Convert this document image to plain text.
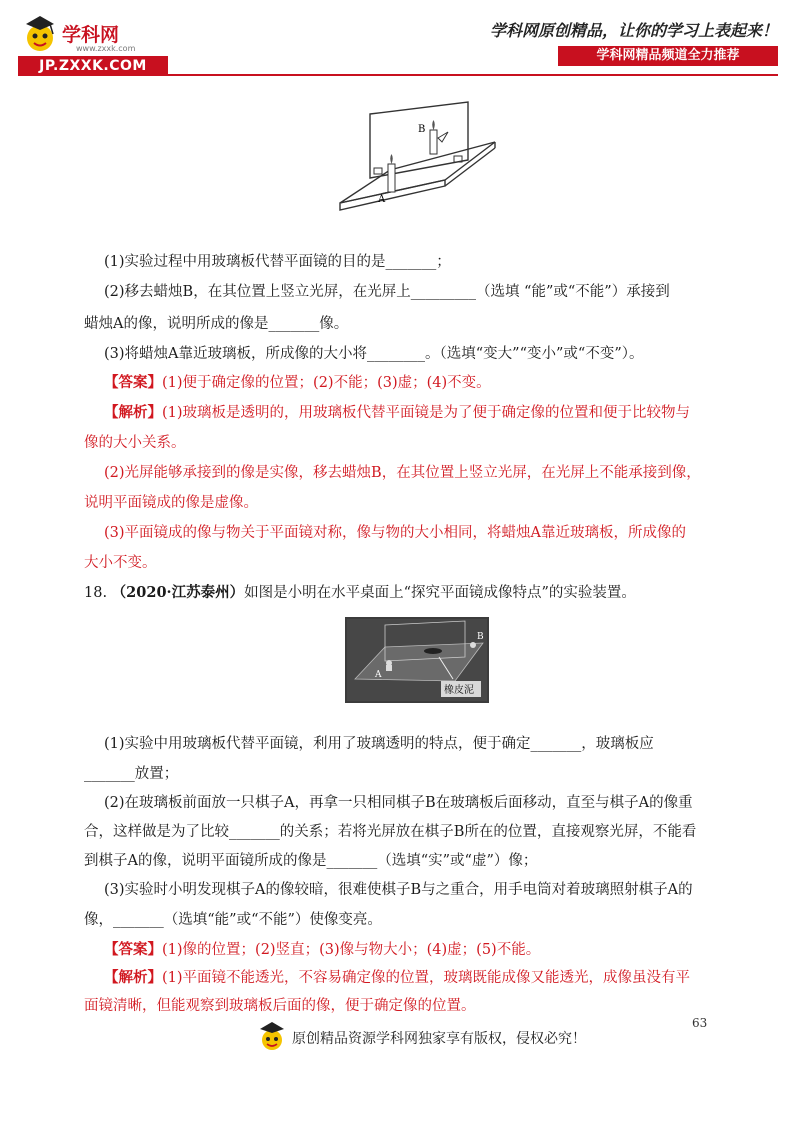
学科网
www.zxxk.com
JP.ZXXK.COM
学科网原创精品，让你的学习上表起来！
学科网精品频道全力推荐
A
B
(1)实验过程中用玻璃板代替平面镜的目的是_______；
(2)移去蜡烛B，在其位置上竖立光屏，在光屏上_________（选填 “能”或“不能”）承接到
蜡烛A的像，说明所成的像是_______像。
(3)将蜡烛A靠近玻璃板，所成像的大小将________。（选填“变大”“变小”或“不变”）。
【答案】(1)便于确定像的位置；(2)不能；(3)虚；(4)不变。
【解析】(1)玻璃板是透明的，用玻璃板代替平面镜是为了便于确定像的位置和便于比较物与
像的大小关系。
(2)光屏能够承接到的像是实像，移去蜡烛B，在其位置上竖立光屏，在光屏上不能承接到像，
说明平面镜成的像是虚像。
(3)平面镜成的像与物关于平面镜对称，像与物的大小相同，将蜡烛A靠近玻璃板，所成像的
大小不变。
18. （2020·江苏泰州）如图是小明在水平桌面上“探究平面镜成像特点”的实验装置。
A
B
橡皮泥
(1)实验中用玻璃板代替平面镜，利用了玻璃透明的特点，便于确定_______，玻璃板应
_______放置；
(2)在玻璃板前面放一只棋子A，再拿一只相同棋子B在玻璃板后面移动，直至与棋子A的像重
合，这样做是为了比较_______的关系；若将光屏放在棋子B所在的位置，直接观察光屏，不能看
到棋子A的像，说明平面镜所成的像是_______（选填“实”或“虚”）像；
(3)实验时小明发现棋子A的像较暗，很难使棋子B与之重合，用手电筒对着玻璃照射棋子A的
像，_______（选填“能”或“不能”）使像变亮。
【答案】(1)像的位置；(2)竖直；(3)像与物大小；(4)虚；(5)不能。
【解析】(1)平面镜不能透光，不容易确定像的位置，玻璃既能成像又能透光，成像虽没有平
面镜清晰，但能观察到玻璃板后面的像，便于确定像的位置。
63
原创精品资源学科网独家享有版权，侵权必究！
